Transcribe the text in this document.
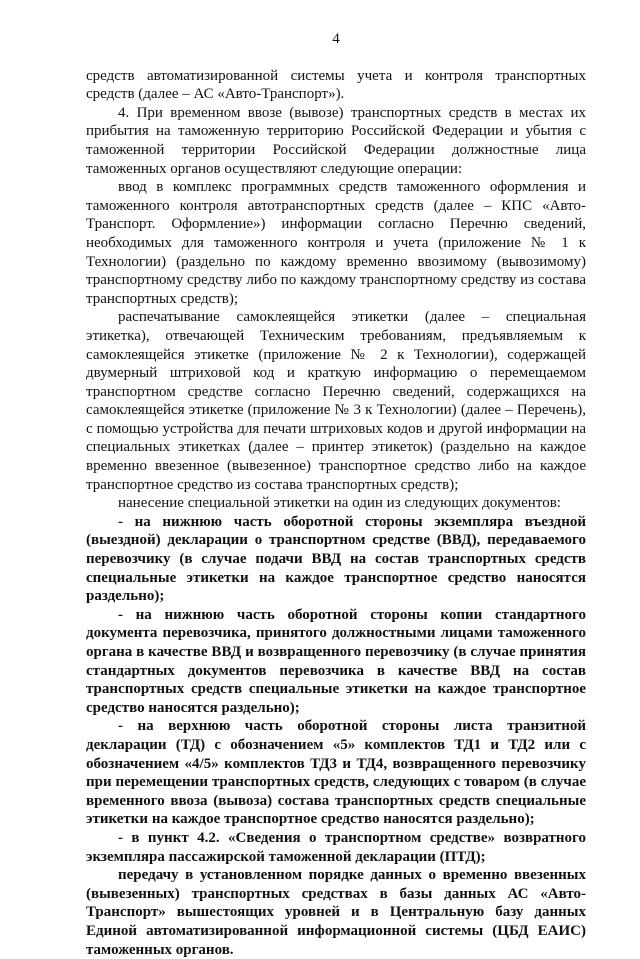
4

средств автоматизированной системы учета и контроля транспортных средств (далее – АС «Авто-Транспорт»).

4. При временном ввозе (вывозе) транспортных средств в местах их прибытия на таможенную территорию Российской Федерации и убытия с таможенной территории Российской Федерации должностные лица таможенных органов осуществляют следующие операции:

ввод в комплекс программных средств таможенного оформления и таможенного контроля автотранспортных средств (далее – КПС «Авто-Транспорт. Оформление») информации согласно Перечню сведений, необходимых для таможенного контроля и учета (приложение № 1 к Технологии) (раздельно по каждому временно ввозимому (вывозимому) транспортному средству либо по каждому транспортному средству из состава транспортных средств);

распечатывание самоклеящейся этикетки (далее – специальная этикетка), отвечающей Техническим требованиям, предъявляемым к самоклеящейся этикетке (приложение № 2 к Технологии), содержащей двумерный штриховой код и краткую информацию о перемещаемом транспортном средстве согласно Перечню сведений, содержащихся на самоклеящейся этикетке (приложение № 3 к Технологии) (далее – Перечень), с помощью устройства для печати штриховых кодов и другой информации на специальных этикетках (далее – принтер этикеток) (раздельно на каждое временно ввезенное (вывезенное) транспортное средство либо на каждое транспортное средство из состава транспортных средств);

нанесение специальной этикетки на один из следующих документов:

- на нижнюю часть оборотной стороны экземпляра въездной (выездной) декларации о транспортном средстве (ВВД), передаваемого перевозчику (в случае подачи ВВД на состав транспортных средств специальные этикетки на каждое транспортное средство наносятся раздельно);

- на нижнюю часть оборотной стороны копии стандартного документа перевозчика, принятого должностными лицами таможенного органа в качестве ВВД и возвращенного перевозчику (в случае принятия стандартных документов перевозчика в качестве ВВД на состав транспортных средств специальные этикетки на каждое транспортное средство наносятся раздельно);

- на верхнюю часть оборотной стороны листа транзитной декларации (ТД) с обозначением «5» комплектов ТД1 и ТД2 или с обозначением «4/5» комплектов ТД3 и ТД4, возвращенного перевозчику при перемещении транспортных средств, следующих с товаром (в случае временного ввоза (вывоза) состава транспортных средств специальные этикетки на каждое транспортное средство наносятся раздельно);

- в пункт 4.2. «Сведения о транспортном средстве» возвратного экземпляра пассажирской таможенной декларации (ПТД);

передачу в установленном порядке данных о временно ввезенных (вывезенных) транспортных средствах в базы данных АС «Авто-Транспорт» вышестоящих уровней и в Центральную базу данных Единой автоматизированной информационной системы (ЦБД ЕАИС) таможенных органов.
